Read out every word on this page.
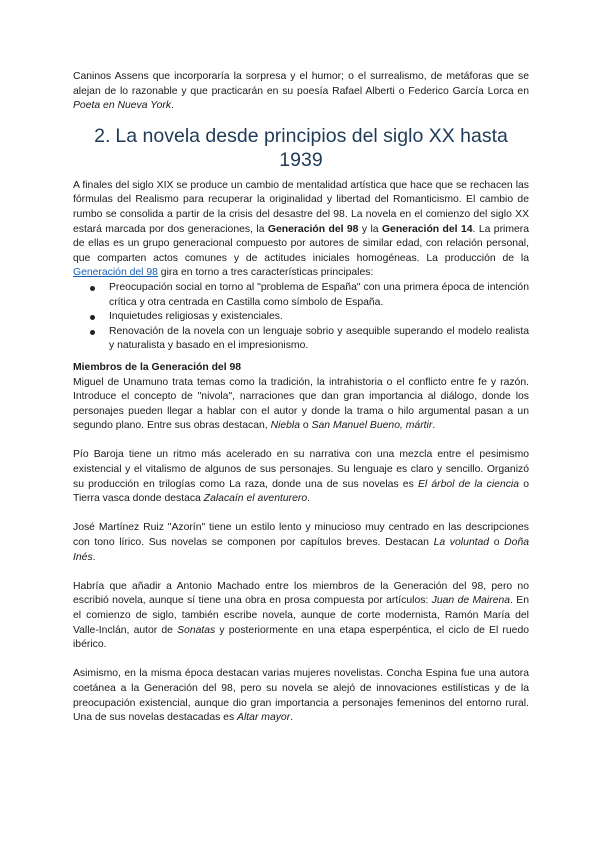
Caninos Assens que incorporaría la sorpresa y el humor; o el surrealismo, de metáforas que se alejan de lo razonable y que practicarán en su poesía Rafael Alberti o Federico García Lorca en Poeta en Nueva York.

2. La novela desde principios del siglo XX hasta 1939

A finales del siglo XIX se produce un cambio de mentalidad artística que hace que se rechacen las fórmulas del Realismo para recuperar la originalidad y libertad del Romanticismo. El cambio de rumbo se consolida a partir de la crisis del desastre del 98. La novela en el comienzo del siglo XX estará marcada por dos generaciones, la Generación del 98 y la Generación del 14. La primera de ellas es un grupo generacional compuesto por autores de similar edad, con relación personal, que comparten actos comunes y de actitudes iniciales homogéneas. La producción de la Generación del 98 gira en torno a tres características principales:

Preocupación social en torno al "problema de España" con una primera época de intención crítica y otra centrada en Castilla como símbolo de España.
Inquietudes religiosas y existenciales.
Renovación de la novela con un lenguaje sobrio y asequible superando el modelo realista y naturalista y basado en el impresionismo.
Miembros de la Generación del 98

Miguel de Unamuno trata temas como la tradición, la intrahistoria o el conflicto entre fe y razón. Introduce el concepto de "nivola", narraciones que dan gran importancia al diálogo, donde los personajes pueden llegar a hablar con el autor y donde la trama o hilo argumental pasan a un segundo plano. Entre sus obras destacan, Niebla o San Manuel Bueno, mártir.

Pío Baroja tiene un ritmo más acelerado en su narrativa con una mezcla entre el pesimismo existencial y el vitalismo de algunos de sus personajes. Su lenguaje es claro y sencillo. Organizó su producción en trilogías como La raza, donde una de sus novelas es El árbol de la ciencia o Tierra vasca donde destaca Zalacaín el aventurero.

José Martínez Ruiz "Azorín" tiene un estilo lento y minucioso muy centrado en las descripciones con tono lírico. Sus novelas se componen por capítulos breves. Destacan La voluntad o Doña Inés.

Habría que añadir a Antonio Machado entre los miembros de la Generación del 98, pero no escribió novela, aunque sí tiene una obra en prosa compuesta por artículos: Juan de Mairena. En el comienzo de siglo, también escribe novela, aunque de corte modernista, Ramón María del Valle-Inclán, autor de Sonatas y posteriormente en una etapa esperpéntica, el ciclo de El ruedo ibérico.

Asimismo, en la misma época destacan varias mujeres novelistas. Concha Espina fue una autora coetánea a la Generación del 98, pero su novela se alejó de innovaciones estilísticas y de la preocupación existencial, aunque dio gran importancia a personajes femeninos del entorno rural. Una de sus novelas destacadas es Altar mayor.
